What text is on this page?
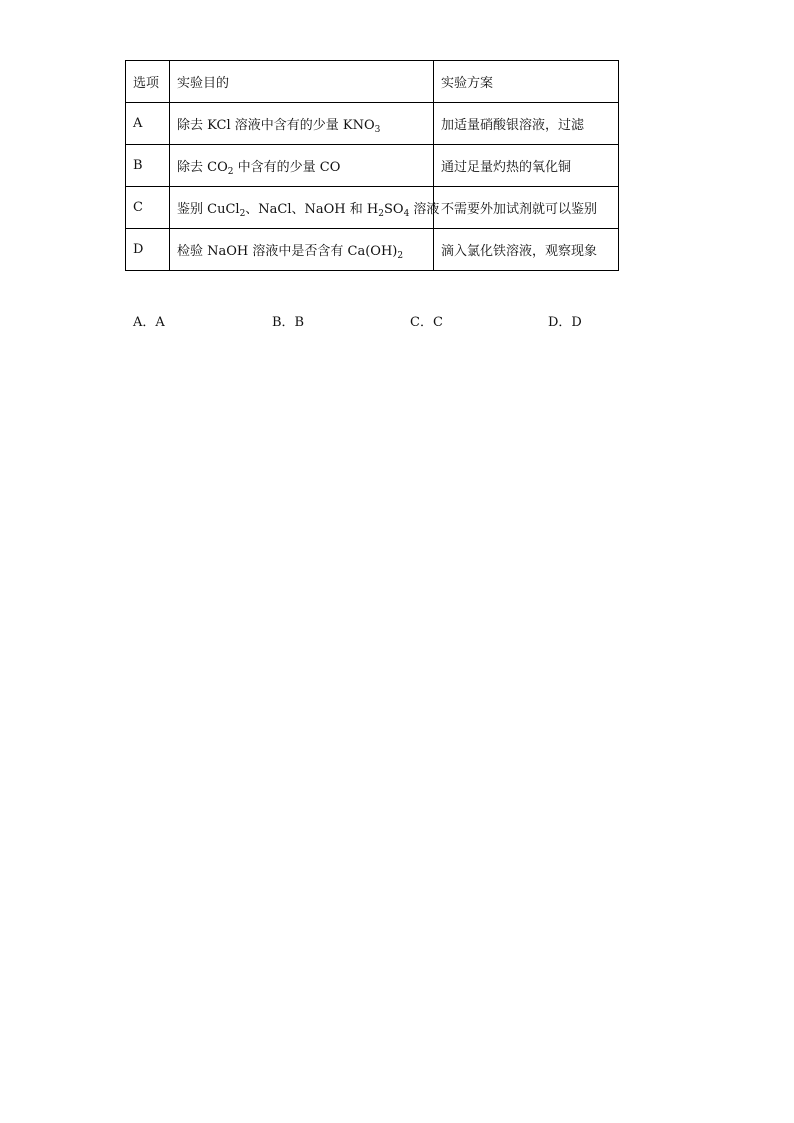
选项	实验目的	实验方案
A	除去 KCl 溶液中含有的少量 $KNO_3$	加适量硝酸银溶液，过滤
B	除去 $CO_2$ 中含有的少量 CO	通过足量灼热的氧化铜
C	鉴别 CuCl$_2$、NaCl、NaOH 和 $H_2SO_4$ 溶液	不需要外加试剂就可以鉴别
D	检验 NaOH 溶液中是否含有 $Ca(OH)_2$	滴入氯化铁溶液，观察现象
A．A	B．B	C．C	D．D
